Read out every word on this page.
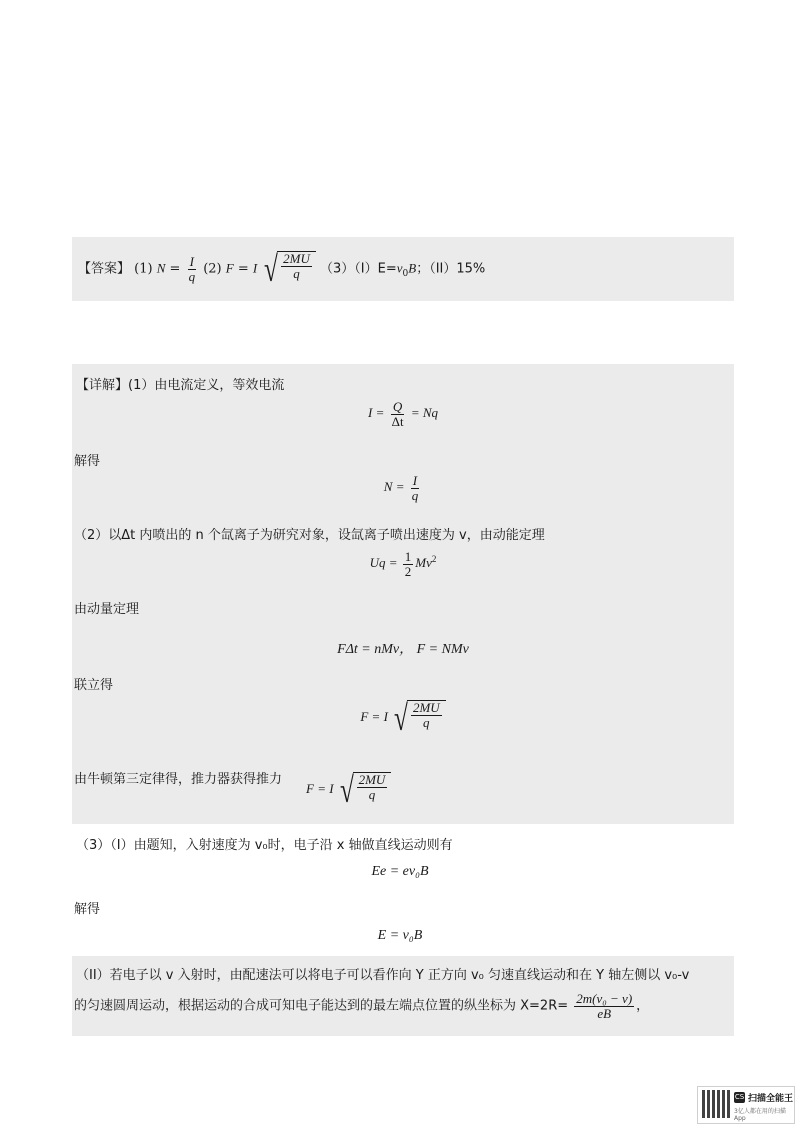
【答案】 (1) $N = \frac{I}{q} (2) F = I$ √ $\frac{2MU}{q} (3)(I)E=v_0B$；（II）15%
【详解】(1）由电流定义，等效电流
$I = \frac{Q}{\Delta t} = Nq$
解得
$N = \frac{I}{q}$
（2）以Δt 内喷出的 n 个氙离子为研究对象，设氙离子喷出速度为 v，由动能定理
$Uq = \frac{1}{2} Mv^2$
由动量定理
FΔt = nMv， F = NMv
联立得
F = I √ $\frac{2MU}{q}$
由牛顿第三定律得，推力器获得推力
F = I √ $\frac{2MU}{q}$
（3）（I）由题知，入射速度为 v₀时，电子沿 x 轴做直线运动则有
Ee = ev₀B
解得
E = v₀B
（II）若电子以 v 入射时，由配速法可以将电子可以看作向 Y 正方向 v₀ 匀速直线运动和在 Y 轴左侧以 v₀-v
的匀速圆周运动，根据运动的合成可知电子能达到的最左端点位置的纵坐标为 $X=2R= \frac{\text{2m(v₀ − v)}}{eB}$ ，
CS 扫描全能王
3亿人都在用的扫描App
